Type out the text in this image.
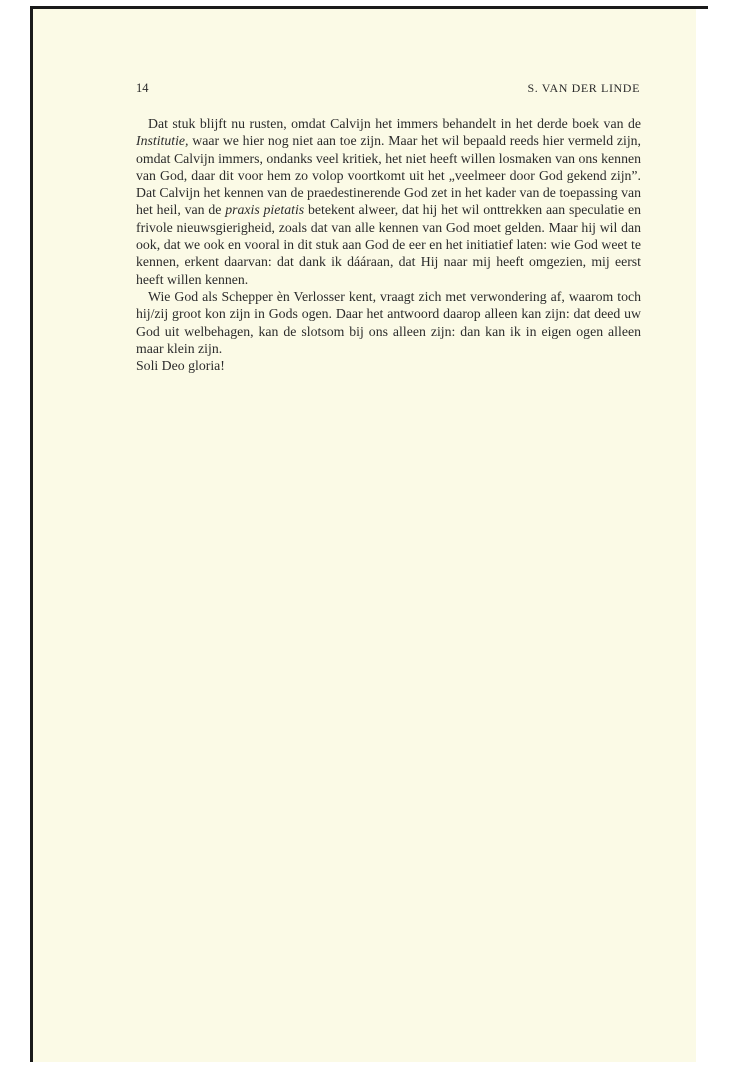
14	S. VAN DER LINDE

Dat stuk blijft nu rusten, omdat Calvijn het immers behandelt in het derde boek van de Institutie, waar we hier nog niet aan toe zijn. Maar het wil bepaald reeds hier vermeld zijn, omdat Calvijn immers, ondanks veel kritiek, het niet heeft willen losmaken van ons kennen van God, daar dit voor hem zo volop voortkomt uit het „veelmeer door God gekend zijn”. Dat Calvijn het kennen van de praedestinerende God zet in het kader van de toepassing van het heil, van de praxis pietatis betekent alweer, dat hij het wil onttrekken aan speculatie en frivole nieuwsgierigheid, zoals dat van alle kennen van God moet gelden. Maar hij wil dan ook, dat we ook en vooral in dit stuk aan God de eer en het initiatief laten: wie God weet te kennen, erkent daarvan: dat dank ik dááraan, dat Hij naar mij heeft omgezien, mij eerst heeft willen kennen.

Wie God als Schepper èn Verlosser kent, vraagt zich met verwondering af, waarom toch hij/zij groot kon zijn in Gods ogen. Daar het antwoord daarop alleen kan zijn: dat deed uw God uit welbehagen, kan de slotsom bij ons alleen zijn: dan kan ik in eigen ogen alleen maar klein zijn.

Soli Deo gloria!
